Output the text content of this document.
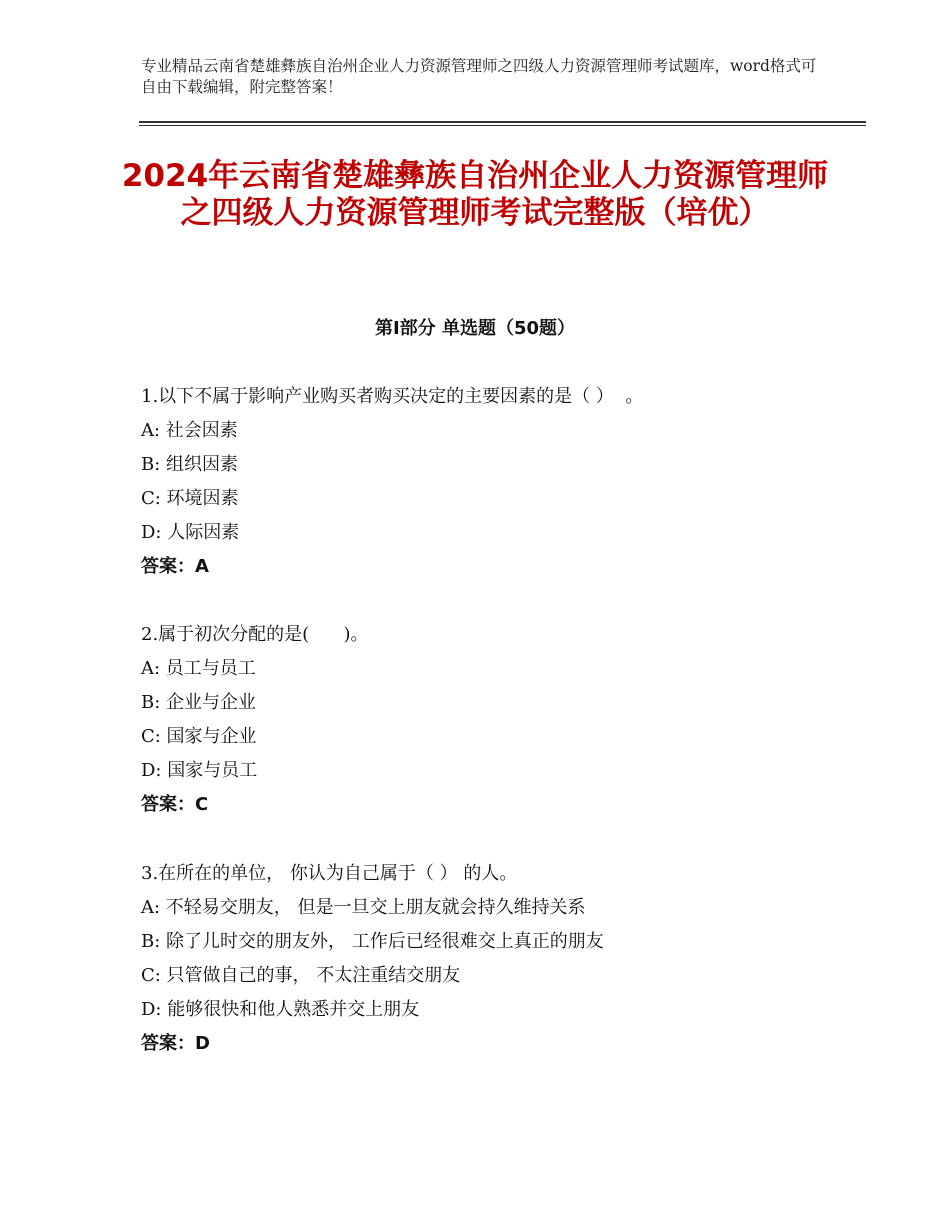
专业精品云南省楚雄彝族自治州企业人力资源管理师之四级人力资源管理师考试题库，word格式可自由下载编辑，附完整答案！
2024年云南省楚雄彝族自治州企业人力资源管理师之四级人力资源管理师考试完整版（培优）
第Ⅰ部分 单选题（50题）
1.以下不属于影响产业购买者购买决定的主要因素的是（ ）  。
A: 社会因素
B: 组织因素
C: 环境因素
D: 人际因素
答案：A
2.属于初次分配的是(      )。
A: 员工与员工
B: 企业与企业
C: 国家与企业
D: 国家与员工
答案：C
3.在所在的单位， 你认为自己属于（ ） 的人。
A: 不轻易交朋友， 但是一旦交上朋友就会持久维持关系
B: 除了儿时交的朋友外， 工作后已经很难交上真正的朋友
C: 只管做自己的事， 不太注重结交朋友
D: 能够很快和他人熟悉并交上朋友
答案：D
